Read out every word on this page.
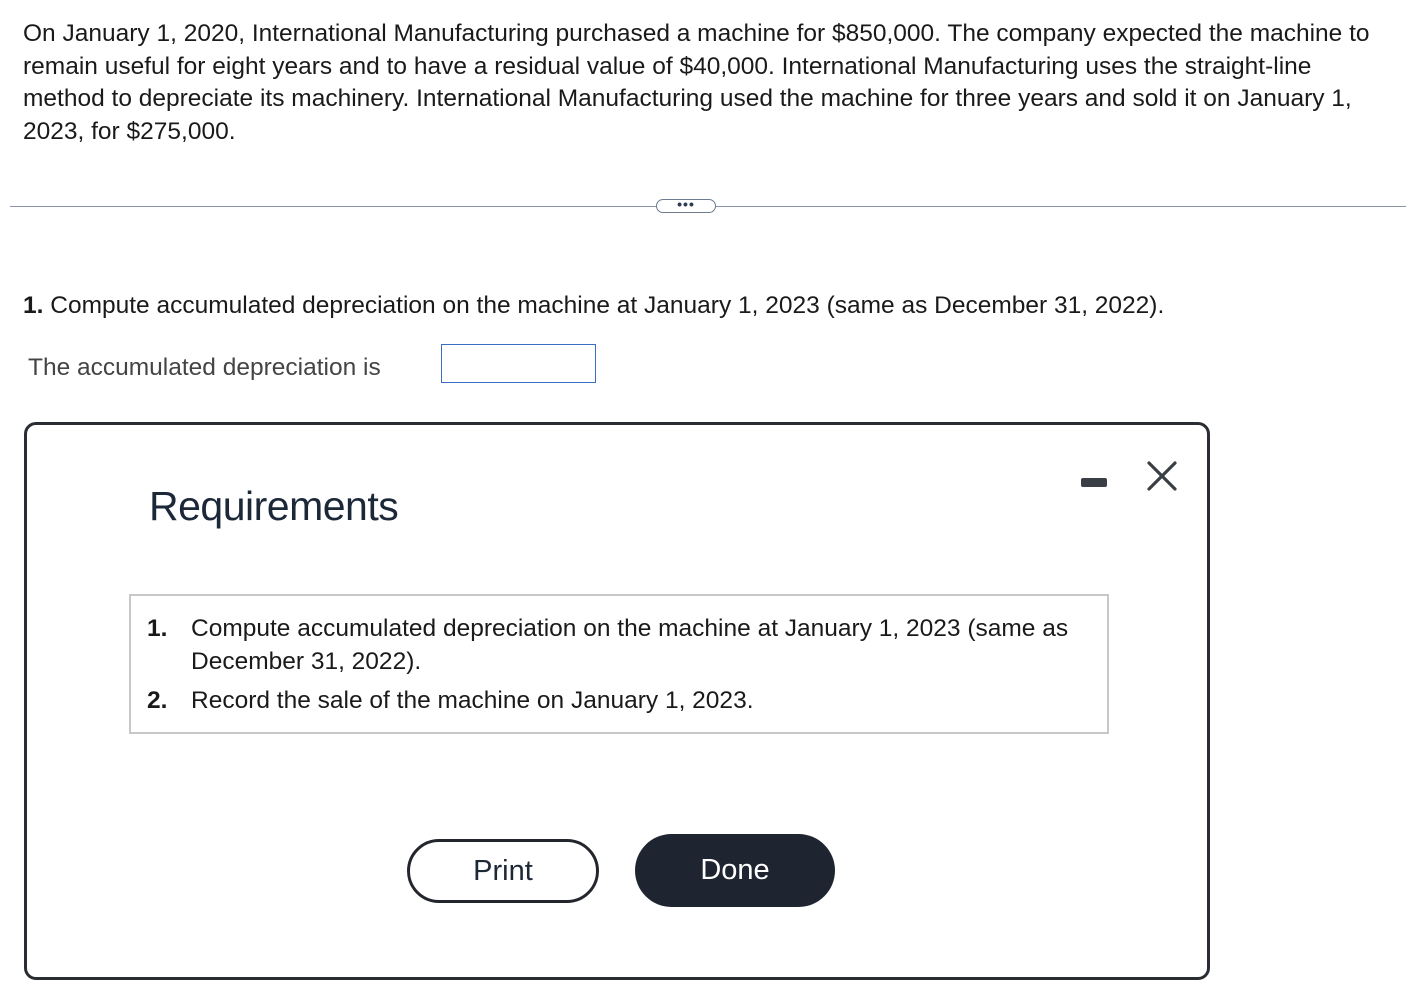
On January 1, 2020, International Manufacturing purchased a machine for $850,000. The company expected the machine to remain useful for eight years and to have a residual value of $40,000. International Manufacturing uses the straight-line method to depreciate its machinery. International Manufacturing used the machine for three years and sold it on January 1, 2023, for $275,000.

•••

1. Compute accumulated depreciation on the machine at January 1, 2023 (same as December 31, 2022).

The accumulated depreciation is
Requirements
1. Compute accumulated depreciation on the machine at January 1, 2023 (same as December 31, 2022).
2. Record the sale of the machine on January 1, 2023.
Print	Done
